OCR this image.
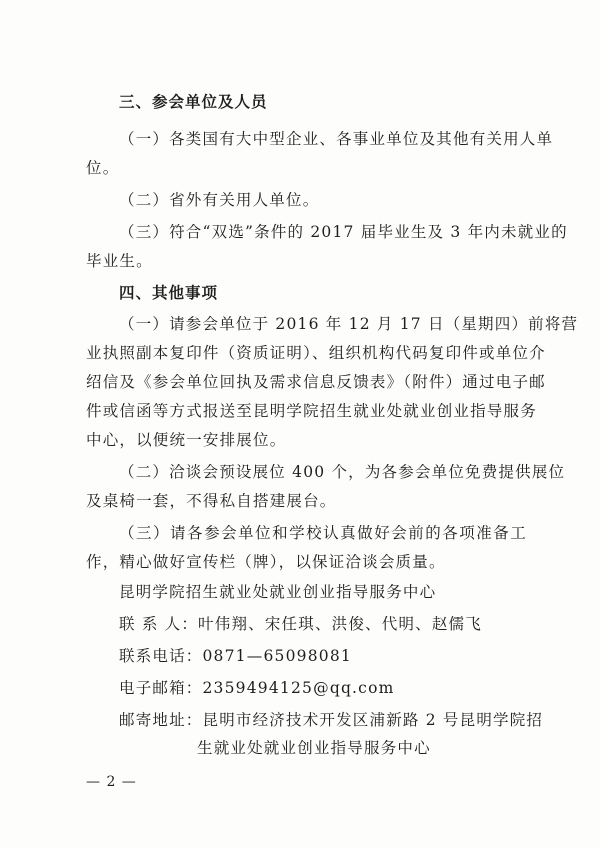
三、参会单位及人员
（一）各类国有大中型企业、各事业单位及其他有关用人单
位。
（二）省外有关用人单位。
（三）符合“双选”条件的 2017 届毕业生及 3 年内未就业的
毕业生。
四、其他事项
（一）请参会单位于 2016 年 12 月 17 日（星期四）前将营
业执照副本复印件（资质证明）、组织机构代码复印件或单位介
绍信及《参会单位回执及需求信息反馈表》（附件）通过电子邮
件或信函等方式报送至昆明学院招生就业处就业创业指导服务
中心，以便统一安排展位。
（二）洽谈会预设展位 400 个，为各参会单位免费提供展位
及桌椅一套，不得私自搭建展台。
（三）请各参会单位和学校认真做好会前的各项准备工
作，精心做好宣传栏（牌），以保证洽谈会质量。
昆明学院招生就业处就业创业指导服务中心
联 系 人：叶伟翔、宋任琪、洪俊、代明、赵儒飞
联系电话：0871—65098081
电子邮箱：2359494125@qq.com
邮寄地址：昆明市经济技术开发区浦新路 2 号昆明学院招
生就业处就业创业指导服务中心
— 2 —
